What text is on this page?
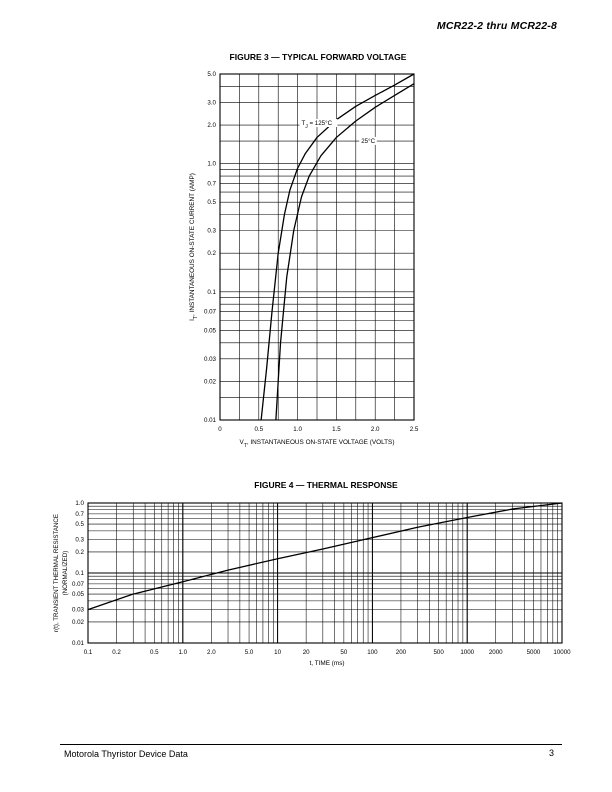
MCR22-2 thru MCR22-8
FIGURE 3 — TYPICAL FORWARD VOLTAGE
0.01
0.02
0.03
0.05
0.07
0.1
0.2
0.3
0.5
0.7
1.0
2.0
3.0
5.0
0	0.5	1.0	1.5	2.0	2.5
$V_T$, INSTANTANEOUS ON-STATE VOLTAGE (VOLTS)
$I_T$, INSTANTANEOUS ON-STATE CURRENT (AMP)
$T_J = 125^\circ C$
25°C
FIGURE 4 — THERMAL RESPONSE
0.01
0.02
0.03
0.05
0.07
0.1
0.2
0.3
0.5
0.7
1.0
0.1	0.2	0.5	1.0	2.0	5.0	10	20	50	100	200	500	1000 2000	5000 10000
t, TIME (ms)
r(t), TRANSIENT THERMAL RESISTANCE (NORMALIZED)
Motorola Thyristor Device Data	3
